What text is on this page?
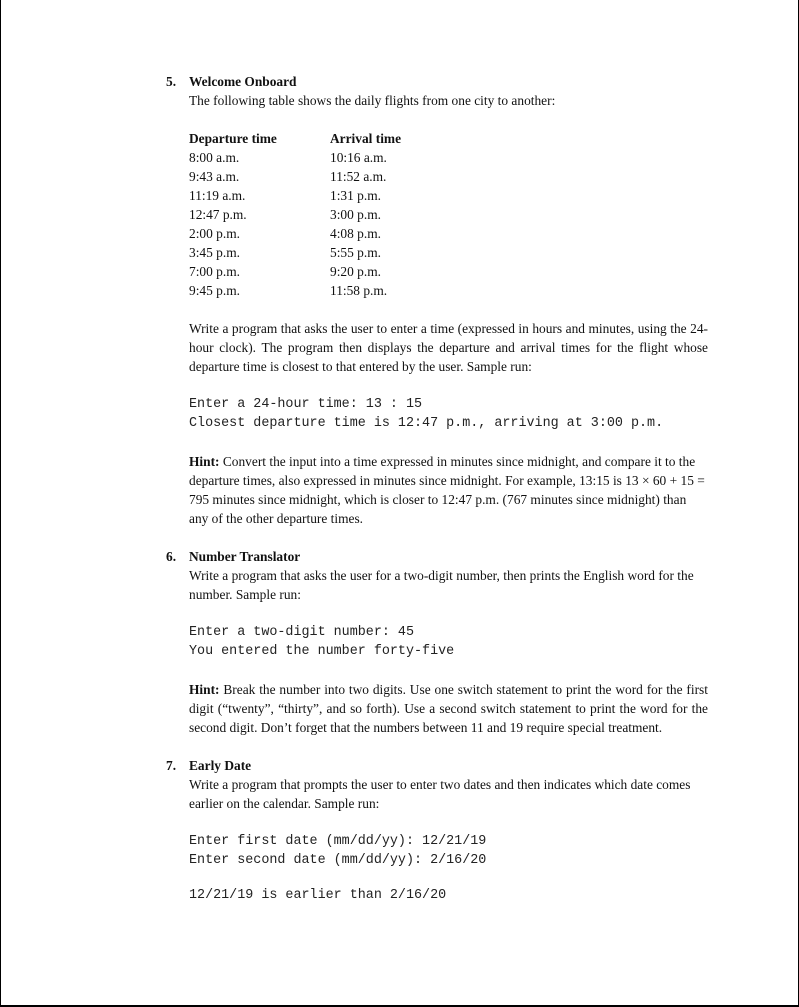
5. Welcome Onboard

The following table shows the daily flights from one city to another:

Departure time	Arrival time
8:00 a.m.	10:16 a.m.
9:43 a.m.	11:52 a.m.
11:19 a.m.	1:31 p.m.
12:47 p.m.	3:00 p.m.
2:00 p.m.	4:08 p.m.
3:45 p.m.	5:55 p.m.
7:00 p.m.	9:20 p.m.
9:45 p.m.	11:58 p.m.

Write a program that asks the user to enter a time (expressed in hours and minutes, using the 24-hour clock). The program then displays the departure and arrival times for the flight whose departure time is closest to that entered by the user. Sample run:

Enter a 24-hour time: 13 : 15
Closest departure time is 12:47 p.m., arriving at 3:00 p.m.

Hint: Convert the input into a time expressed in minutes since midnight, and compare it to the departure times, also expressed in minutes since midnight. For example, 13:15 is 13 × 60 + 15 = 795 minutes since midnight, which is closer to 12:47 p.m. (767 minutes since midnight) than any of the other departure times.

6. Number Translator

Write a program that asks the user for a two-digit number, then prints the English word for the number. Sample run:

Enter a two-digit number: 45
You entered the number forty-five

Hint: Break the number into two digits. Use one switch statement to print the word for the first digit (“twenty”, “thirty”, and so forth). Use a second switch statement to print the word for the second digit. Don’t forget that the numbers between 11 and 19 require special treatment.

7. Early Date

Write a program that prompts the user to enter two dates and then indicates which date comes earlier on the calendar. Sample run:

Enter first date (mm/dd/yy): 12/21/19
Enter second date (mm/dd/yy): 2/16/20
12/21/19 is earlier than 2/16/20
